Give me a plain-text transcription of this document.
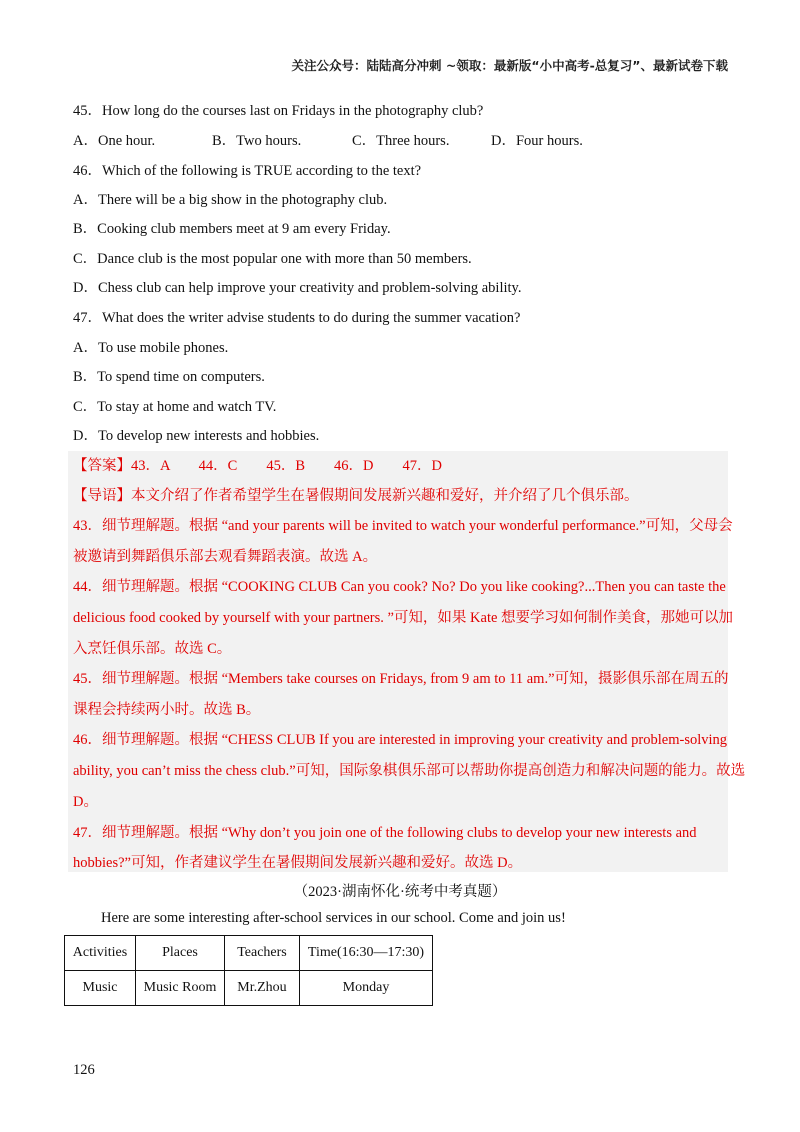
关注公众号：陆陆高分冲刺 ~领取：最新版“小中高考-总复习”、最新试卷下载
45．How long do the courses last on Fridays in the photography club?
A．One hour.	B．Two hours.	C．Three hours.	D．Four hours.
46．Which of the following is TRUE according to the text?
A．There will be a big show in the photography club.
B．Cooking club members meet at 9 am every Friday.
C．Dance club is the most popular one with more than 50 members.
D．Chess club can help improve your creativity and problem-solving ability.
47．What does the writer advise students to do during the summer vacation?
A．To use mobile phones.
B．To spend time on computers.
C．To stay at home and watch TV.
D．To develop new interests and hobbies.
【答案】43．A　　44．C　　45．B　　46．D　　47．D
【导语】本文介绍了作者希望学生在暑假期间发展新兴趣和爱好，并介绍了几个俱乐部。
43．细节理解题。根据 “and your parents will be invited to watch your wonderful performance.”可知，父母会
被邀请到舞蹈俱乐部去观看舞蹈表演。故选 A。
44．细节理解题。根据 “COOKING CLUB Can you cook? No? Do you like cooking?...Then you can taste the
delicious food cooked by yourself with your partners. ”可知，如果 Kate 想要学习如何制作美食，那她可以加
入烹饪俱乐部。故选 C。
45．细节理解题。根据 “Members take courses on Fridays, from 9 am to 11 am.”可知，摄影俱乐部在周五的
课程会持续两小时。故选 B。
46．细节理解题。根据 “CHESS CLUB If you are interested in improving your creativity and problem-solving
ability, you can’t miss the chess club.”可知，国际象棋俱乐部可以帮助你提高创造力和解决问题的能力。故选
D。
47．细节理解题。根据 “Why don’t you join one of the following clubs to develop your new interests and
hobbies?”可知，作者建议学生在暑假期间发展新兴趣和爱好。故选 D。
（2023·湖南怀化·统考中考真题）
Here are some interesting after-school services in our school. Come and join us!
Activities	Places	Teachers	Time(16:30—17:30)
Music	Music Room	Mr.Zhou	Monday
126
